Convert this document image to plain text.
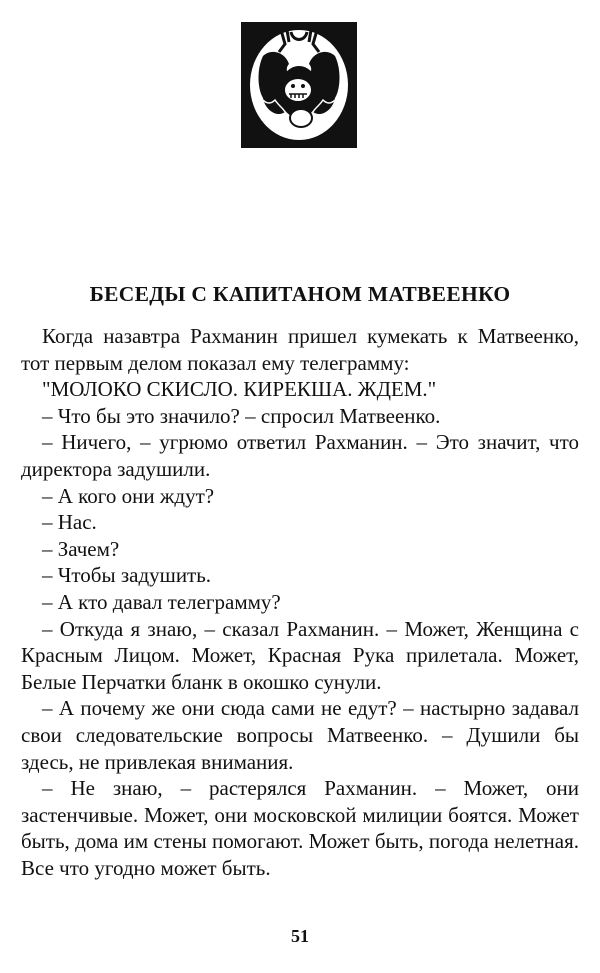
БЕСЕДЫ С КАПИТАНОМ МАТВЕЕНКО

Когда назавтра Рахманин пришел кумекать к Матвеенко, тот первым делом показал ему телеграмму:

"МОЛОКО СКИСЛО. КИРЕКША. ЖДЕМ."

– Что бы это значило? – спросил Матвеенко.

– Ничего, – угрюмо ответил Рахманин. – Это значит, что директора задушили.

– А кого они ждут?

– Нас.

– Зачем?

– Чтобы задушить.

– А кто давал телеграмму?

– Откуда я знаю, – сказал Рахманин. – Может, Женщина с Красным Лицом. Может, Красная Рука прилетала. Может, Белые Перчатки бланк в окошко сунули.

– А почему же они сюда сами не едут? – настырно задавал свои следовательские вопросы Матвеенко. – Душили бы здесь, не привлекая внимания.

– Не знаю, – растерялся Рахманин. – Может, они застенчивые. Может, они московской милиции боятся. Может быть, дома им стены помогают. Может быть, погода нелетная. Все что угодно может быть.

51
